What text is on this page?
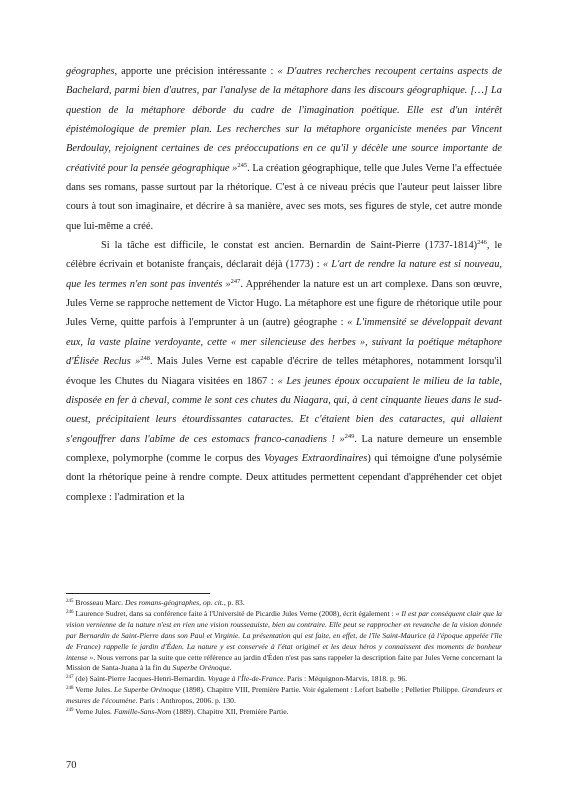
géographes, apporte une précision intéressante : « D'autres recherches recoupent certains aspects de Bachelard, parmi bien d'autres, par l'analyse de la métaphore dans les discours géographique. […] La question de la métaphore déborde du cadre de l'imagination poétique. Elle est d'un intérêt épistémologique de premier plan. Les recherches sur la métaphore organiciste menées par Vincent Berdoulay, rejoignent certaines de ces préoccupations en ce qu'il y décèle une source importante de créativité pour la pensée géographique »$^{245}$. La création géographique, telle que Jules Verne l'a effectuée dans ses romans, passe surtout par la rhétorique. C'est à ce niveau précis que l'auteur peut laisser libre cours à tout son imaginaire, et décrire à sa manière, avec ses mots, ses figures de style, cet autre monde que lui-même a créé.

Si la tâche est difficile, le constat est ancien. Bernardin de Saint-Pierre (1737-1814)$^{246}$, le célèbre écrivain et botaniste français, déclarait déjà (1773) : « L'art de rendre la nature est si nouveau, que les termes n'en sont pas inventés »$^{247}$. Appréhender la nature est un art complexe. Dans son œuvre, Jules Verne se rapproche nettement de Victor Hugo. La métaphore est une figure de rhétorique utile pour Jules Verne, quitte parfois à l'emprunter à un (autre) géographe : « L'immensité se développait devant eux, la vaste plaine verdoyante, cette « mer silencieuse des herbes », suivant la poétique métaphore d'Élisée Reclus »$^{248}$. Mais Jules Verne est capable d'écrire de telles métaphores, notamment lorsqu'il évoque les Chutes du Niagara visitées en 1867 : « Les jeunes époux occupaient le milieu de la table, disposée en fer à cheval, comme le sont ces chutes du Niagara, qui, à cent cinquante lieues dans le sud-ouest, précipitaient leurs étourdissantes cataractes. Et c'étaient bien des cataractes, qui allaient s'engouffrer dans l'abîme de ces estomacs franco-canadiens ! »$^{249}$. La nature demeure un ensemble complexe, polymorphe (comme le corpus des Voyages Extraordinaires) qui témoigne d'une polysémie dont la rhétorique peine à rendre compte. Deux attitudes permettent cependant d'appréhender cet objet complexe : l'admiration et la

$^{245}$ Brosseau Marc. Des romans-géographes, op. cit., p. 83.

$^{246}$ Laurence Sudret, dans sa conférence faite à l'Université de Picardie Jules Verne (2008), écrit également : « Il est par conséquent clair que la vision vernienne de la nature n'est en rien une vision rousseauiste, bien au contraire. Elle peut se rapprocher en revanche de la vision donnée par Bernardin de Saint-Pierre dans son Paul et Virginie. La présentation qui est faite, en effet, de l'île Saint-Maurice (à l'époque appelée l'île de France) rappelle le jardin d'Éden. La nature y est conservée à l'état originel et les deux héros y connaissent des moments de bonheur intense ». Nous verrons par la suite que cette référence au jardin d'Éden n'est pas sans rappeler la description faite par Jules Verne concernant la Mission de Santa-Juana à la fin du Superbe Orénoque.

$^{247}$ (de) Saint-Pierre Jacques-Henri-Bernardin. Voyage à l'Île-de-France. Paris : Méquignon-Marvis, 1818. p. 96.

$^{248}$ Verne Jules. Le Superbe Orénoque (1898). Chapitre VIII, Première Partie. Voir également : Lefort Isabelle ; Pelletier Philippe. Grandeurs et mesures de l'écoumène. Paris : Anthropos, 2006. p. 130.

$^{249}$ Verne Jules. Famille-Sans-Nom (1889). Chapitre XII, Première Partie.

70
